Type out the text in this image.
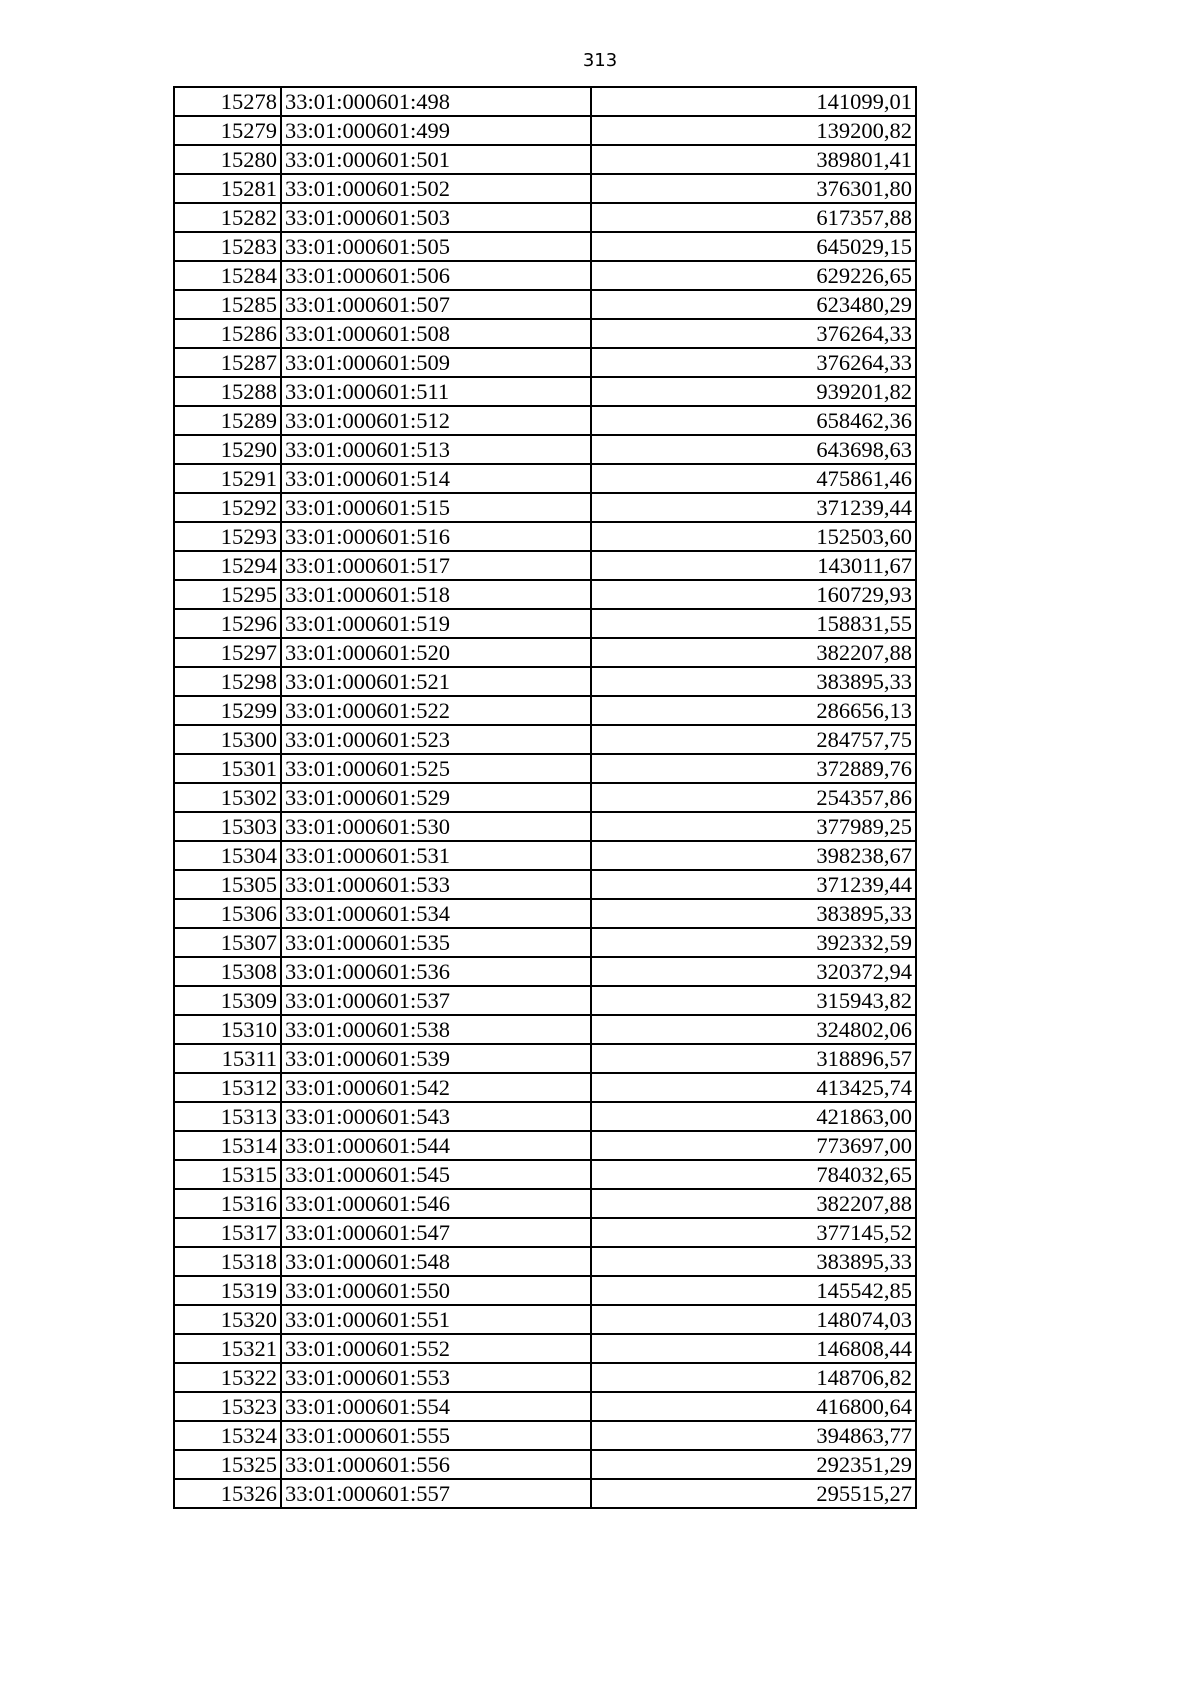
313
15278	33:01:000601:498	141099,01
15279	33:01:000601:499	139200,82
15280	33:01:000601:501	389801,41
15281	33:01:000601:502	376301,80
15282	33:01:000601:503	617357,88
15283	33:01:000601:505	645029,15
15284	33:01:000601:506	629226,65
15285	33:01:000601:507	623480,29
15286	33:01:000601:508	376264,33
15287	33:01:000601:509	376264,33
15288	33:01:000601:511	939201,82
15289	33:01:000601:512	658462,36
15290	33:01:000601:513	643698,63
15291	33:01:000601:514	475861,46
15292	33:01:000601:515	371239,44
15293	33:01:000601:516	152503,60
15294	33:01:000601:517	143011,67
15295	33:01:000601:518	160729,93
15296	33:01:000601:519	158831,55
15297	33:01:000601:520	382207,88
15298	33:01:000601:521	383895,33
15299	33:01:000601:522	286656,13
15300	33:01:000601:523	284757,75
15301	33:01:000601:525	372889,76
15302	33:01:000601:529	254357,86
15303	33:01:000601:530	377989,25
15304	33:01:000601:531	398238,67
15305	33:01:000601:533	371239,44
15306	33:01:000601:534	383895,33
15307	33:01:000601:535	392332,59
15308	33:01:000601:536	320372,94
15309	33:01:000601:537	315943,82
15310	33:01:000601:538	324802,06
15311	33:01:000601:539	318896,57
15312	33:01:000601:542	413425,74
15313	33:01:000601:543	421863,00
15314	33:01:000601:544	773697,00
15315	33:01:000601:545	784032,65
15316	33:01:000601:546	382207,88
15317	33:01:000601:547	377145,52
15318	33:01:000601:548	383895,33
15319	33:01:000601:550	145542,85
15320	33:01:000601:551	148074,03
15321	33:01:000601:552	146808,44
15322	33:01:000601:553	148706,82
15323	33:01:000601:554	416800,64
15324	33:01:000601:555	394863,77
15325	33:01:000601:556	292351,29
15326	33:01:000601:557	295515,27
